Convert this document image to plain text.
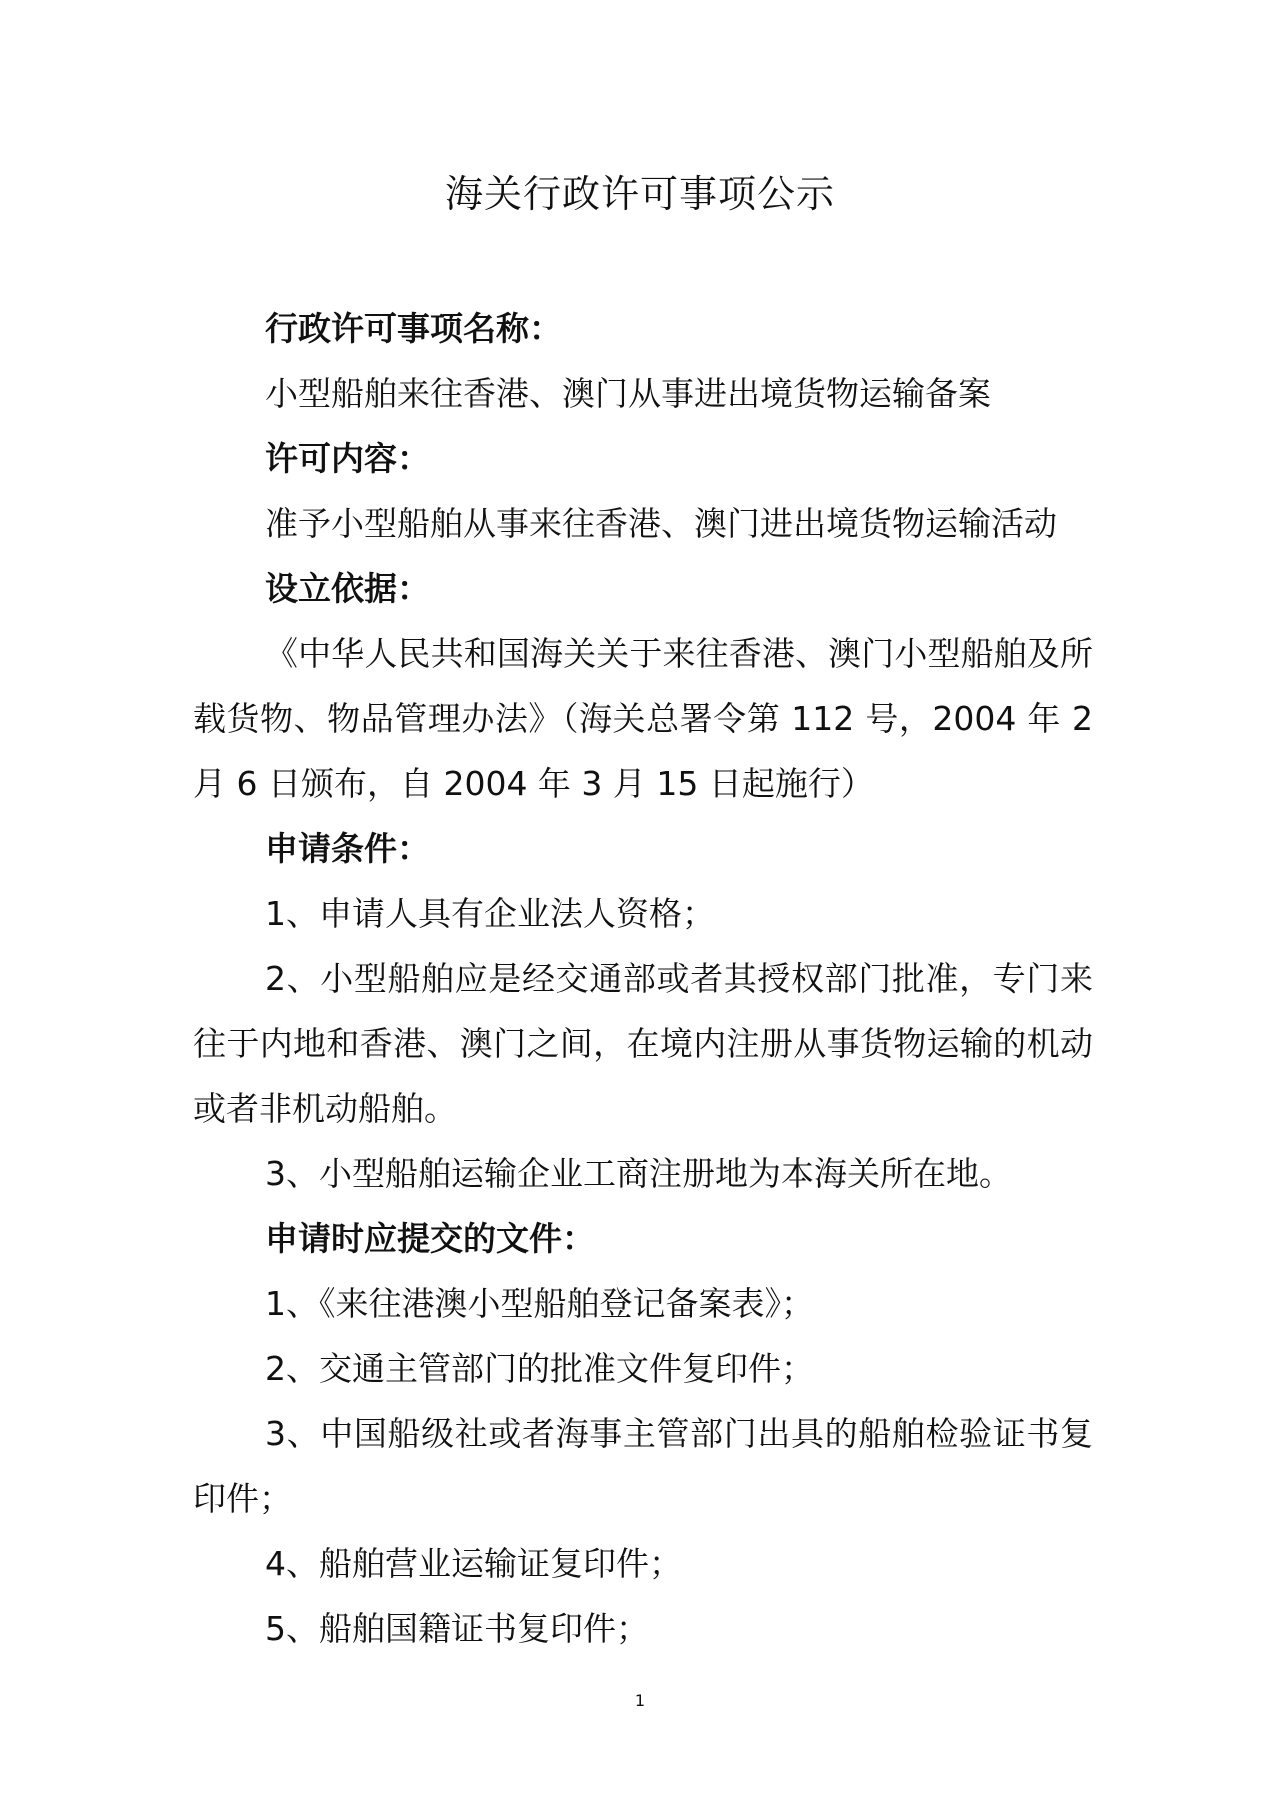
海关行政许可事项公示

行政许可事项名称：

小型船舶来往香港、澳门从事进出境货物运输备案

许可内容：

准予小型船舶从事来往香港、澳门进出境货物运输活动

设立依据：

《中华人民共和国海关关于来往香港、澳门小型船舶及所载货物、物品管理办法》（海关总署令第 112 号，2004 年 2 月 6 日颁布，自 2004 年 3 月 15 日起施行）

申请条件：

1、申请人具有企业法人资格；

2、小型船舶应是经交通部或者其授权部门批准，专门来往于内地和香港、澳门之间，在境内注册从事货物运输的机动或者非机动船舶。

3、小型船舶运输企业工商注册地为本海关所在地。

申请时应提交的文件：

1、《来往港澳小型船舶登记备案表》；

2、交通主管部门的批准文件复印件；

3、中国船级社或者海事主管部门出具的船舶检验证书复印件；

4、船舶营业运输证复印件；

5、船舶国籍证书复印件；

1
